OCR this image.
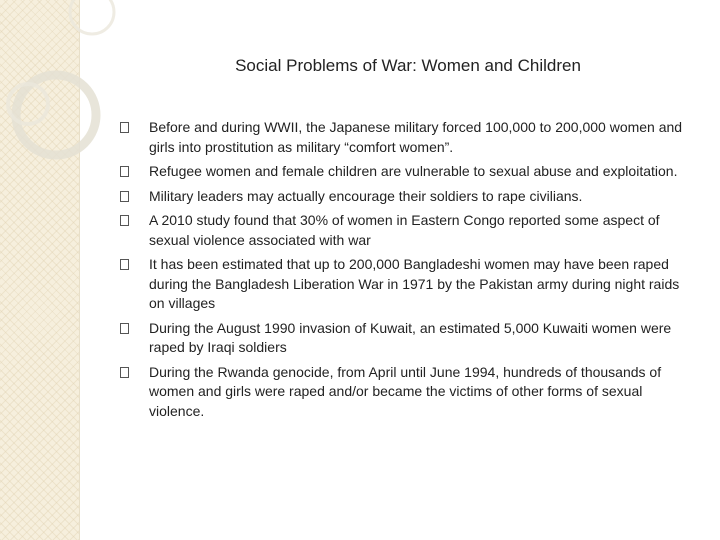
Social Problems of War: Women and Children
Before and during WWII, the Japanese military forced 100,000 to 200,000 women and girls into prostitution as military “comfort women”.
Refugee women and female children are vulnerable to sexual abuse and exploitation.
Military leaders may actually encourage their soldiers to rape civilians.
A 2010 study found that 30% of women in Eastern Congo reported some aspect of sexual violence associated with war
It has been estimated that up to 200,000 Bangladeshi women may have been raped during the Bangladesh Liberation War in 1971 by the Pakistan army during night raids on villages
During the August 1990 invasion of Kuwait, an estimated 5,000 Kuwaiti women were raped by Iraqi soldiers
During the Rwanda genocide, from April until June 1994, hundreds of thousands of women and girls were raped and/or became the victims of other forms of sexual violence.
